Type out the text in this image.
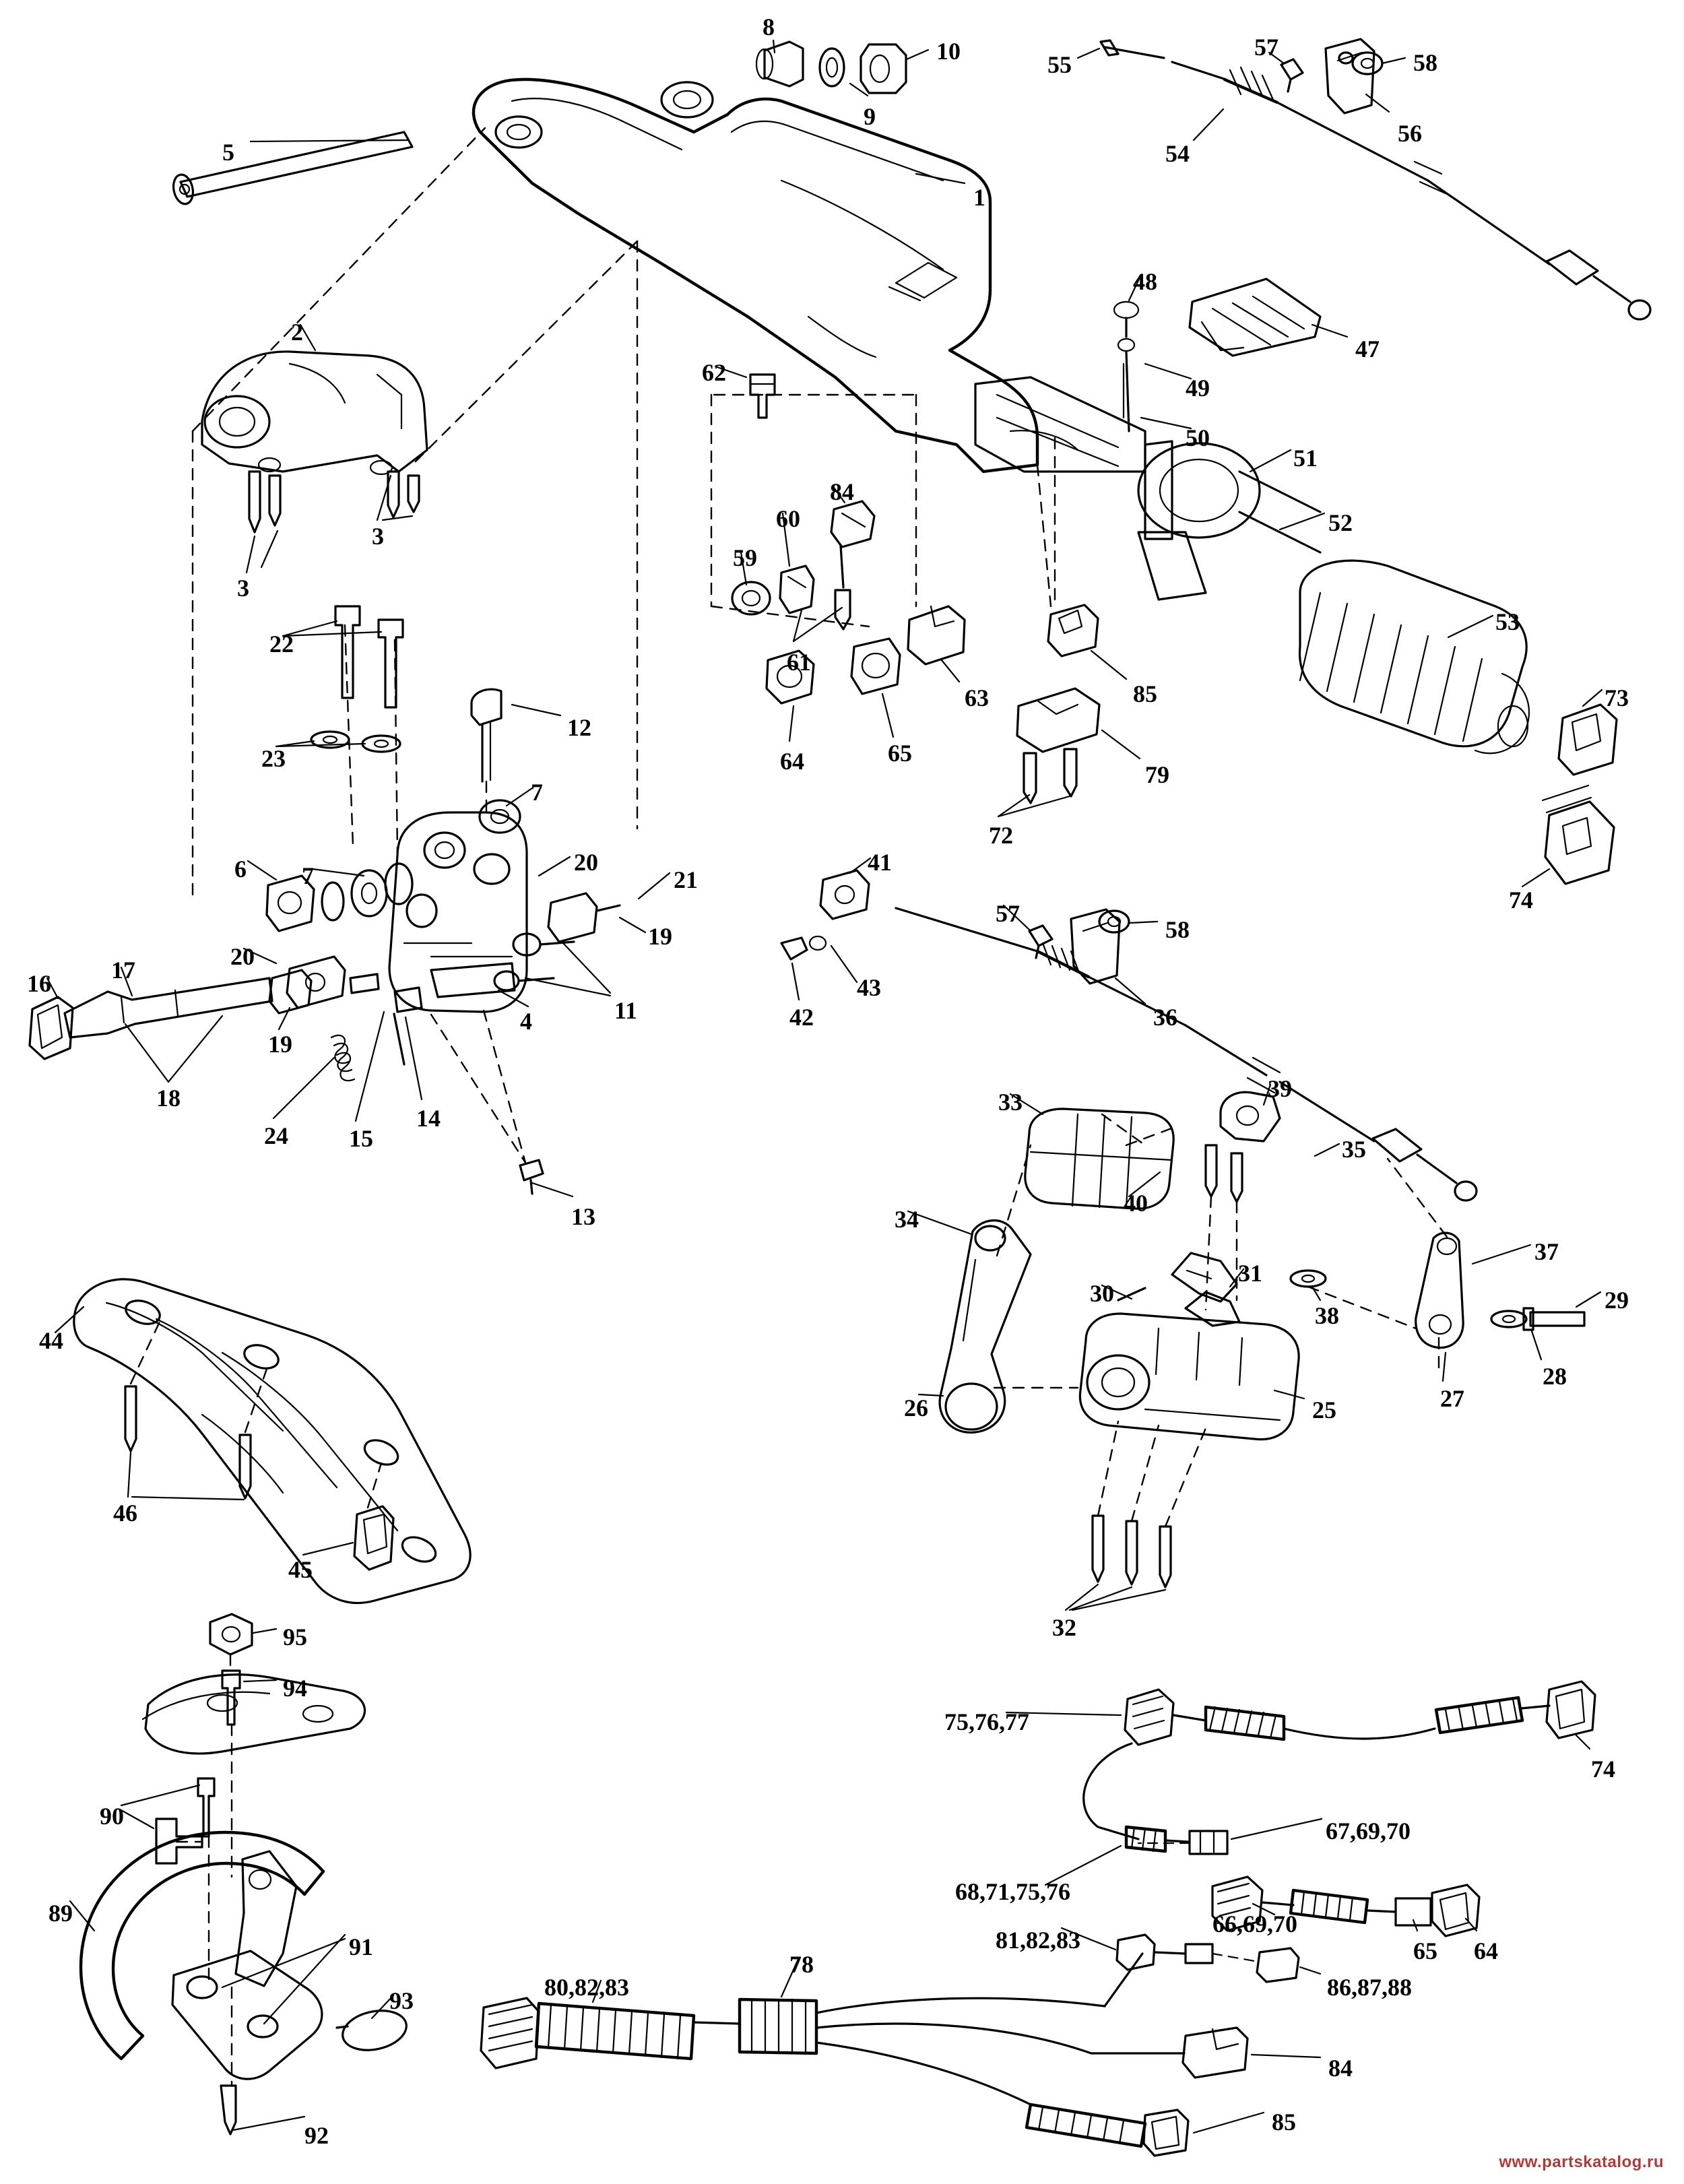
www.partskatalog.ru
8
10
9
55
57
58
56
54
5
1
48
47
2
62
49
50
51
52
3
3
84
60
59
61
63	85
53
73
64	65
79
72
74
22
12
23
7
7	20
21
41
6
19
20
57
58
36
43
42
16 17
19
11
4
18
24	15
14
13
33	39
35
34
40
31
37
30
38
29
28
27
26	25
44
46
45
32
95
94
90
89
91
93
92
75,76,77
74
67,69,70
68,71,75,76
66,69,70
81,82,83	65 64
86,87,88
78
80,82,83
84
85
